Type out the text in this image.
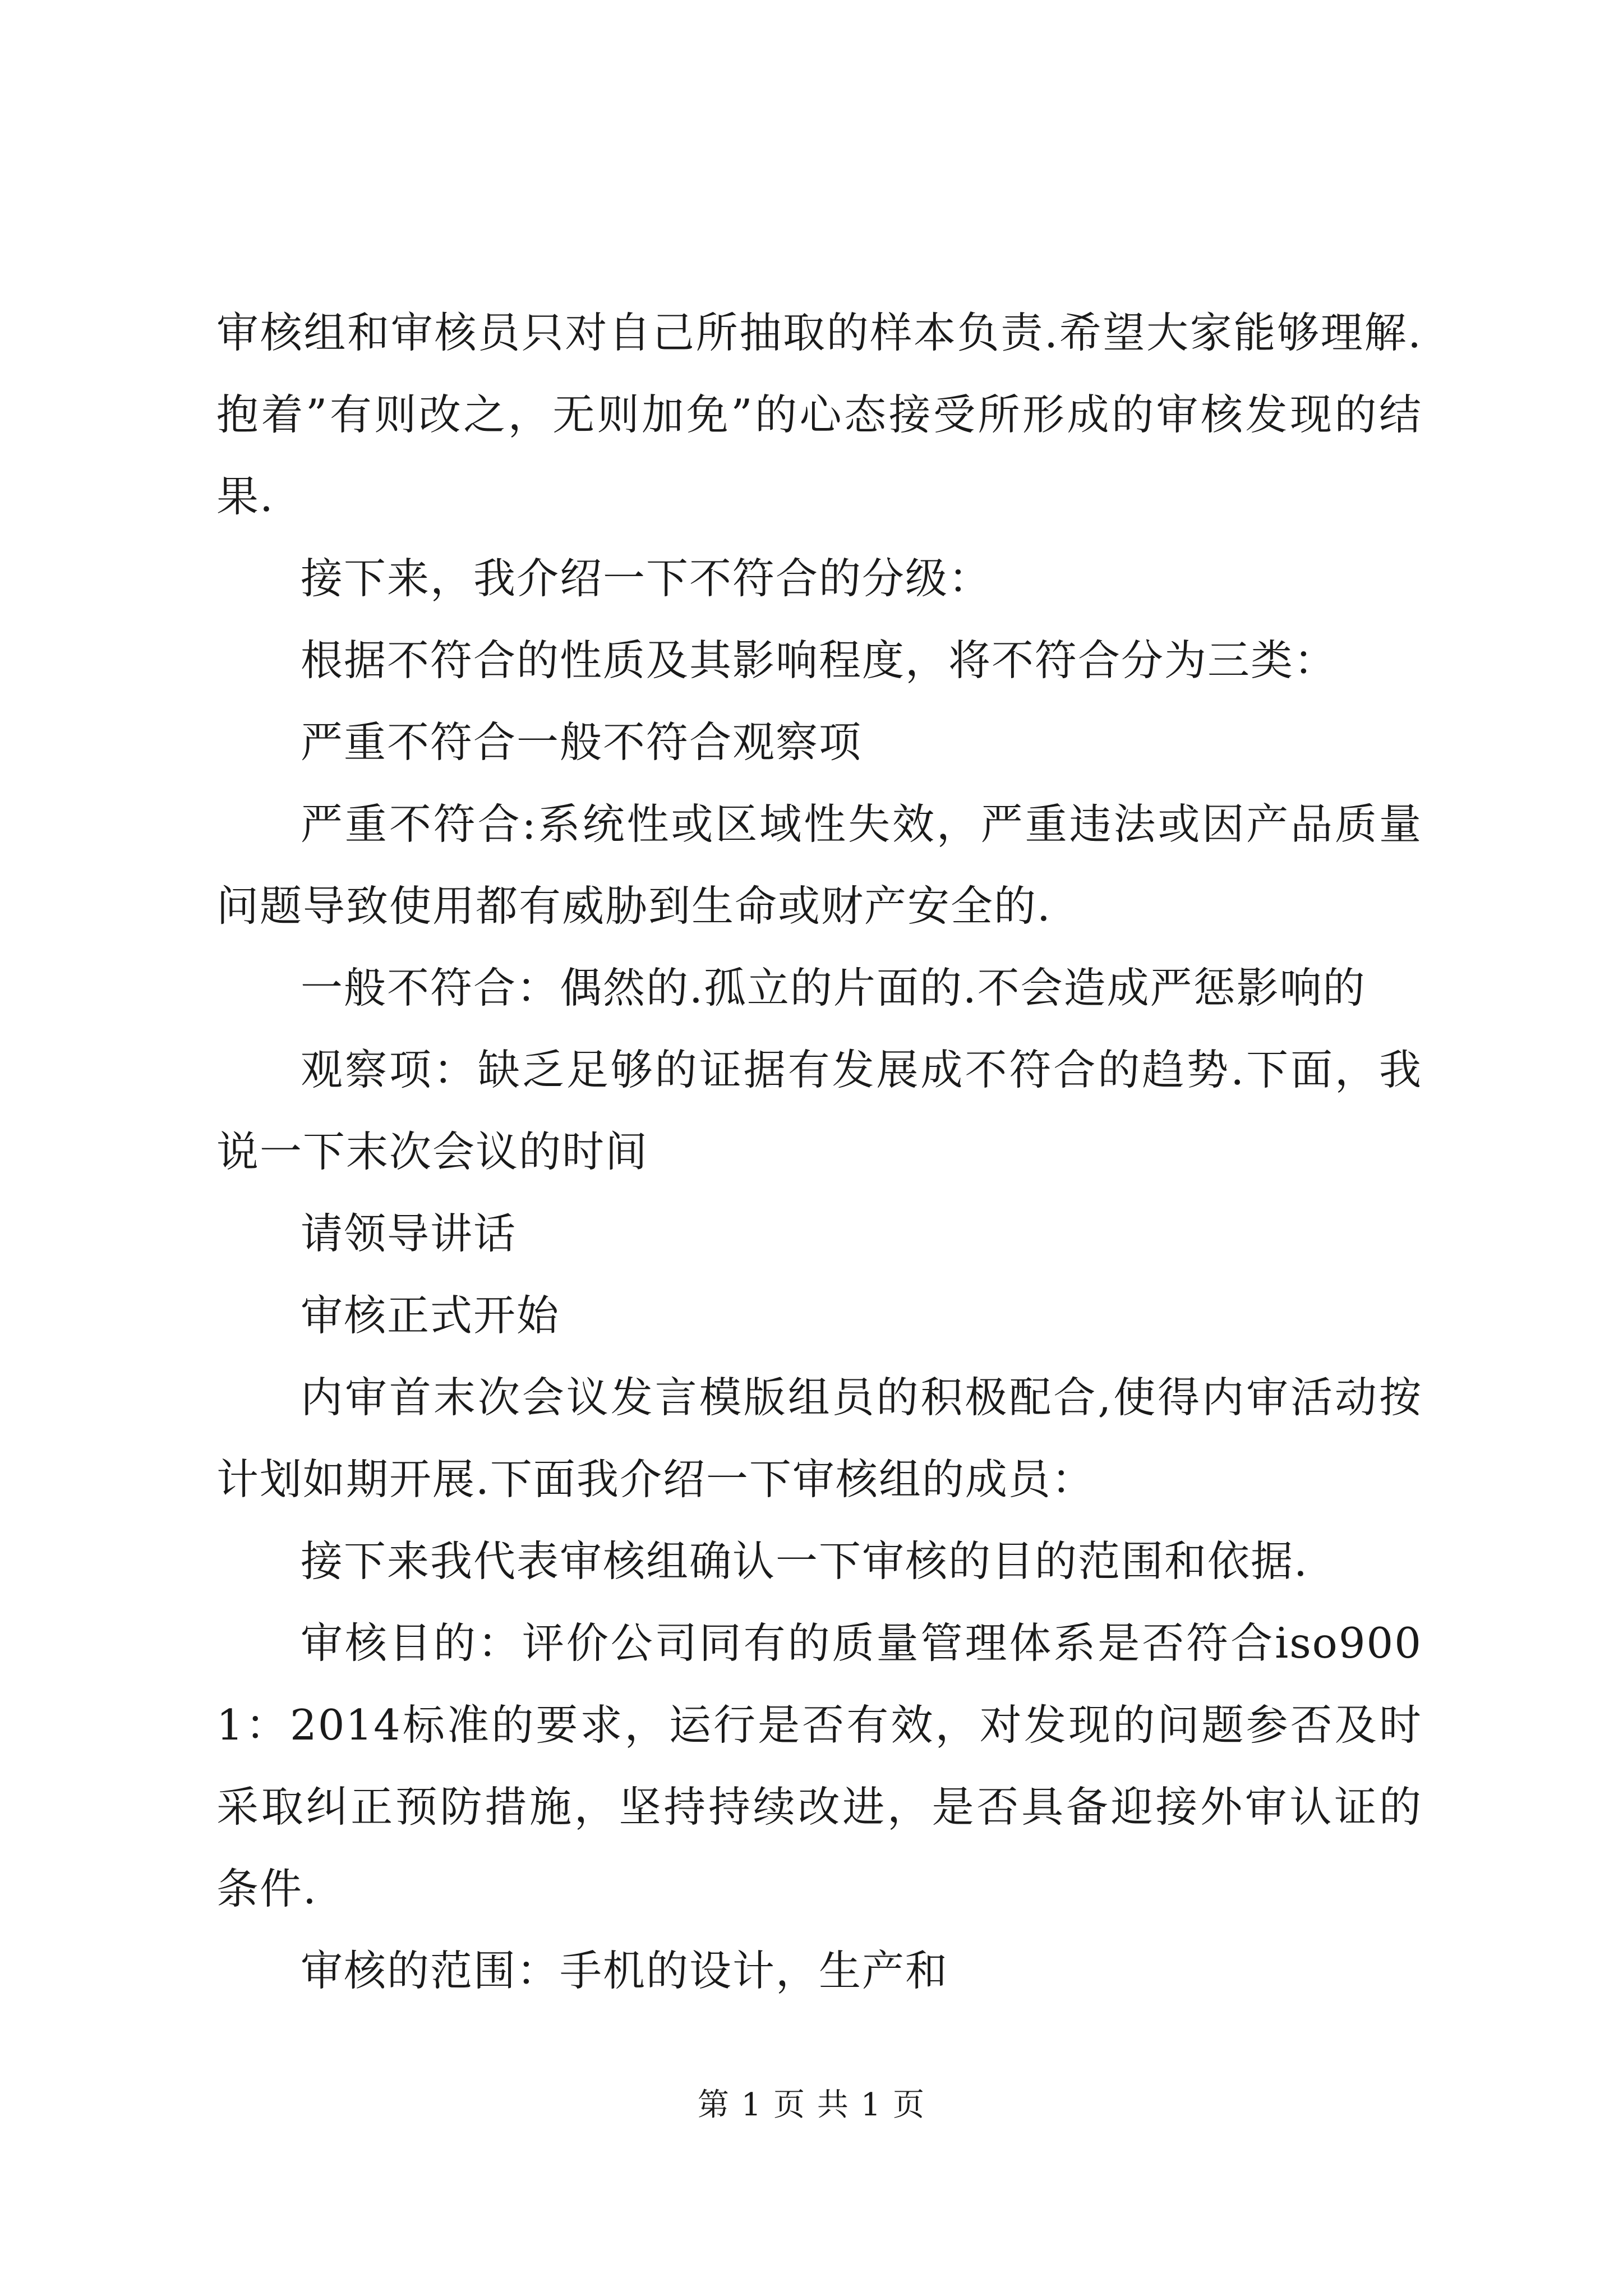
审核组和审核员只对自己所抽取的样本负责.希望大家能够理解.抱着”有则改之，无则加免”的心态接受所形成的审核发现的结果.

接下来，我介绍一下不符合的分级：

根据不符合的性质及其影响程度，将不符合分为三类：

严重不符合一般不符合观察项

严重不符合:系统性或区域性失效，严重违法或因产品质量问题导致使用都有威胁到生命或财产安全的.

一般不符合：偶然的.孤立的片面的.不会造成严惩影响的

观察项：缺乏足够的证据有发展成不符合的趋势.下面，我说一下末次会议的时间

请领导讲话

审核正式开始

内审首末次会议发言模版组员的积极配合,使得内审活动按计划如期开展.下面我介绍一下审核组的成员：

接下来我代表审核组确认一下审核的目的范围和依据.

审核目的：评价公司同有的质量管理体系是否符合iso9001：2014标准的要求，运行是否有效，对发现的问题参否及时采取纠正预防措施，坚持持续改进，是否具备迎接外审认证的条件.

审核的范围：手机的设计，生产和

第 1 页 共 1 页
